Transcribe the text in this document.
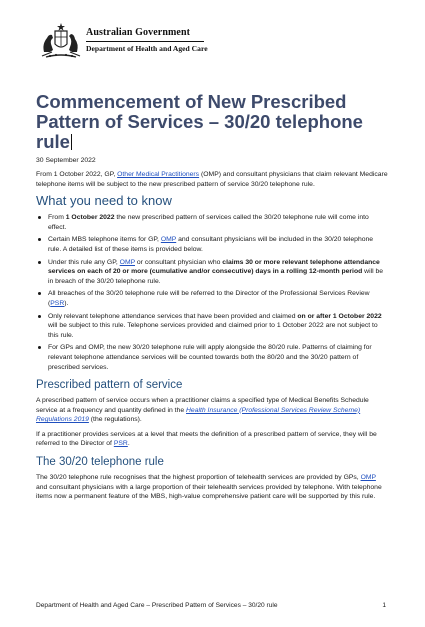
Australian Government
Department of Health and Aged Care
Commencement of New Prescribed
Pattern of Services – 30/20 telephone
rule
30 September 2022

From 1 October 2022, GP, Other Medical Practitioners (OMP) and consultant physicians that claim relevant Medicare telephone items will be subject to the new prescribed pattern of service 30/20 telephone rule.

What you need to know
From 1 October 2022 the new prescribed pattern of services called the 30/20 telephone rule will come into effect.
Certain MBS telephone items for GP, OMP and consultant physicians will be included in the 30/20 telephone rule. A detailed list of these items is provided below.
Under this rule any GP, OMP or consultant physician who claims 30 or more relevant telephone attendance services on each of 20 or more (cumulative and/or consecutive) days in a rolling 12-month period will be in breach of the 30/20 telephone rule.
All breaches of the 30/20 telephone rule will be referred to the Director of the Professional Services Review (PSR).
Only relevant telephone attendance services that have been provided and claimed on or after 1 October 2022 will be subject to this rule. Telephone services provided and claimed prior to 1 October 2022 are not subject to this rule.
For GPs and OMP, the new 30/20 telephone rule will apply alongside the 80/20 rule. Patterns of claiming for relevant telephone attendance services will be counted towards both the 80/20 and the 30/20 pattern of prescribed services.
Prescribed pattern of service

A prescribed pattern of service occurs when a practitioner claims a specified type of Medical Benefits Schedule service at a frequency and quantity defined in the Health Insurance (Professional Services Review Scheme) Regulations 2019 (the regulations).

If a practitioner provides services at a level that meets the definition of a prescribed pattern of service, they will be referred to the Director of PSR.

The 30/20 telephone rule

The 30/20 telephone rule recognises that the highest proportion of telehealth services are provided by GPs, OMP and consultant physicians with a large proportion of their telehealth services provided by telephone. With telephone items now a permanent feature of the MBS, high-value comprehensive patient care will be supported by this rule.

Department of Health and Aged Care – Prescribed Pattern of Services – 30/20 rule	1
